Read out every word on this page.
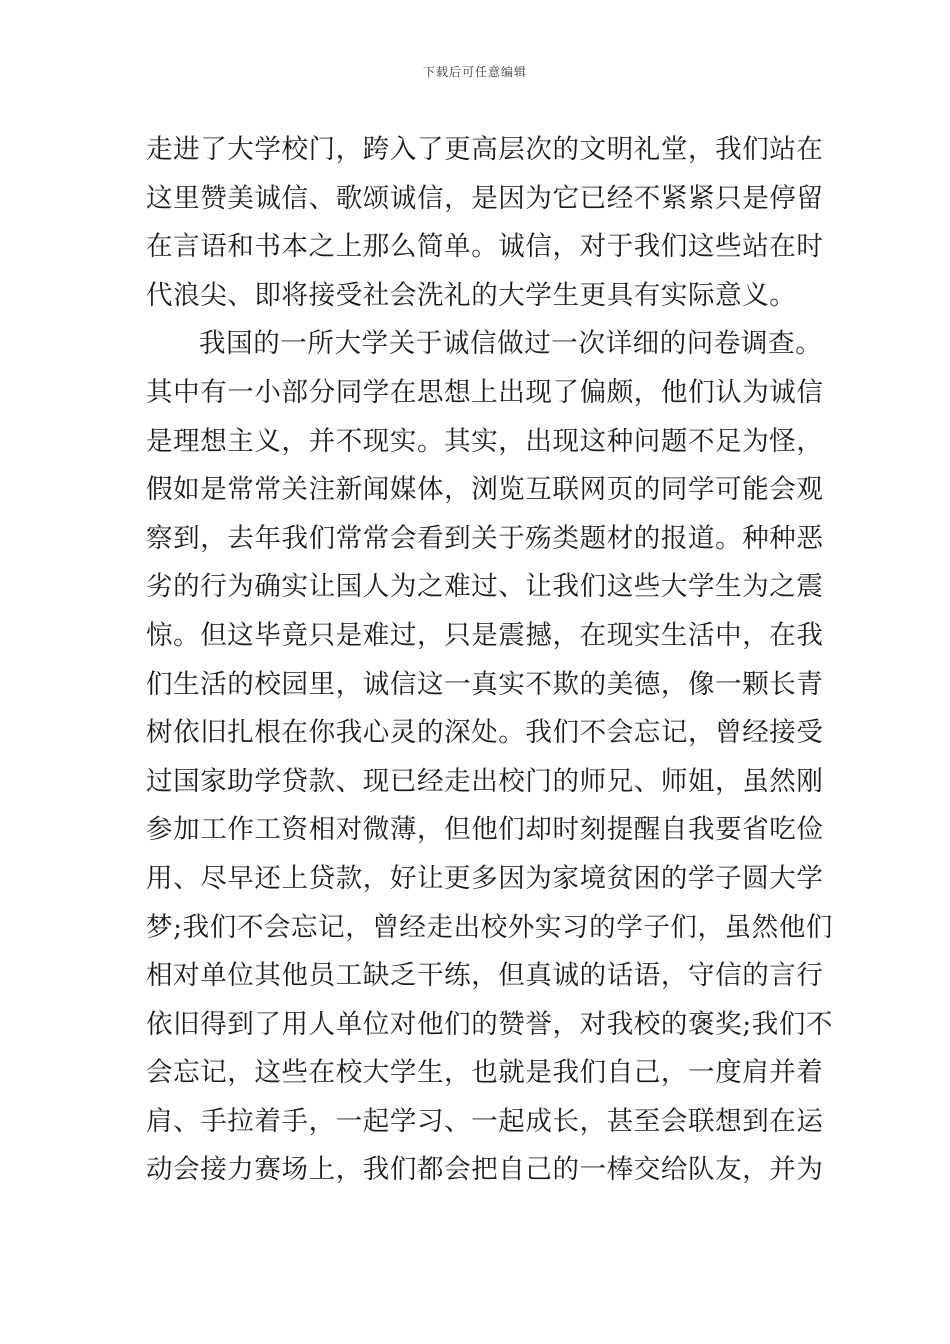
下载后可任意编辑
走进了大学校门，跨入了更高层次的文明礼堂，我们站在
这里赞美诚信、歌颂诚信，是因为它已经不紧紧只是停留
在言语和书本之上那么简单。诚信，对于我们这些站在时
代浪尖、即将接受社会洗礼的大学生更具有实际意义。
我国的一所大学关于诚信做过一次详细的问卷调查。
其中有一小部分同学在思想上出现了偏颇，他们认为诚信
是理想主义，并不现实。其实，出现这种问题不足为怪，
假如是常常关注新闻媒体，浏览互联网页的同学可能会观
察到，去年我们常常会看到关于殇类题材的报道。种种恶
劣的行为确实让国人为之难过、让我们这些大学生为之震
惊。但这毕竟只是难过，只是震撼，在现实生活中，在我
们生活的校园里，诚信这一真实不欺的美德，像一颗长青
树依旧扎根在你我心灵的深处。我们不会忘记，曾经接受
过国家助学贷款、现已经走出校门的师兄、师姐，虽然刚
参加工作工资相对微薄，但他们却时刻提醒自我要省吃俭
用、尽早还上贷款，好让更多因为家境贫困的学子圆大学
梦;我们不会忘记，曾经走出校外实习的学子们，虽然他们
相对单位其他员工缺乏干练，但真诚的话语，守信的言行
依旧得到了用人单位对他们的赞誉，对我校的褒奖;我们不
会忘记，这些在校大学生，也就是我们自己，一度肩并着
肩、手拉着手，一起学习、一起成长，甚至会联想到在运
动会接力赛场上，我们都会把自己的一棒交给队友，并为
